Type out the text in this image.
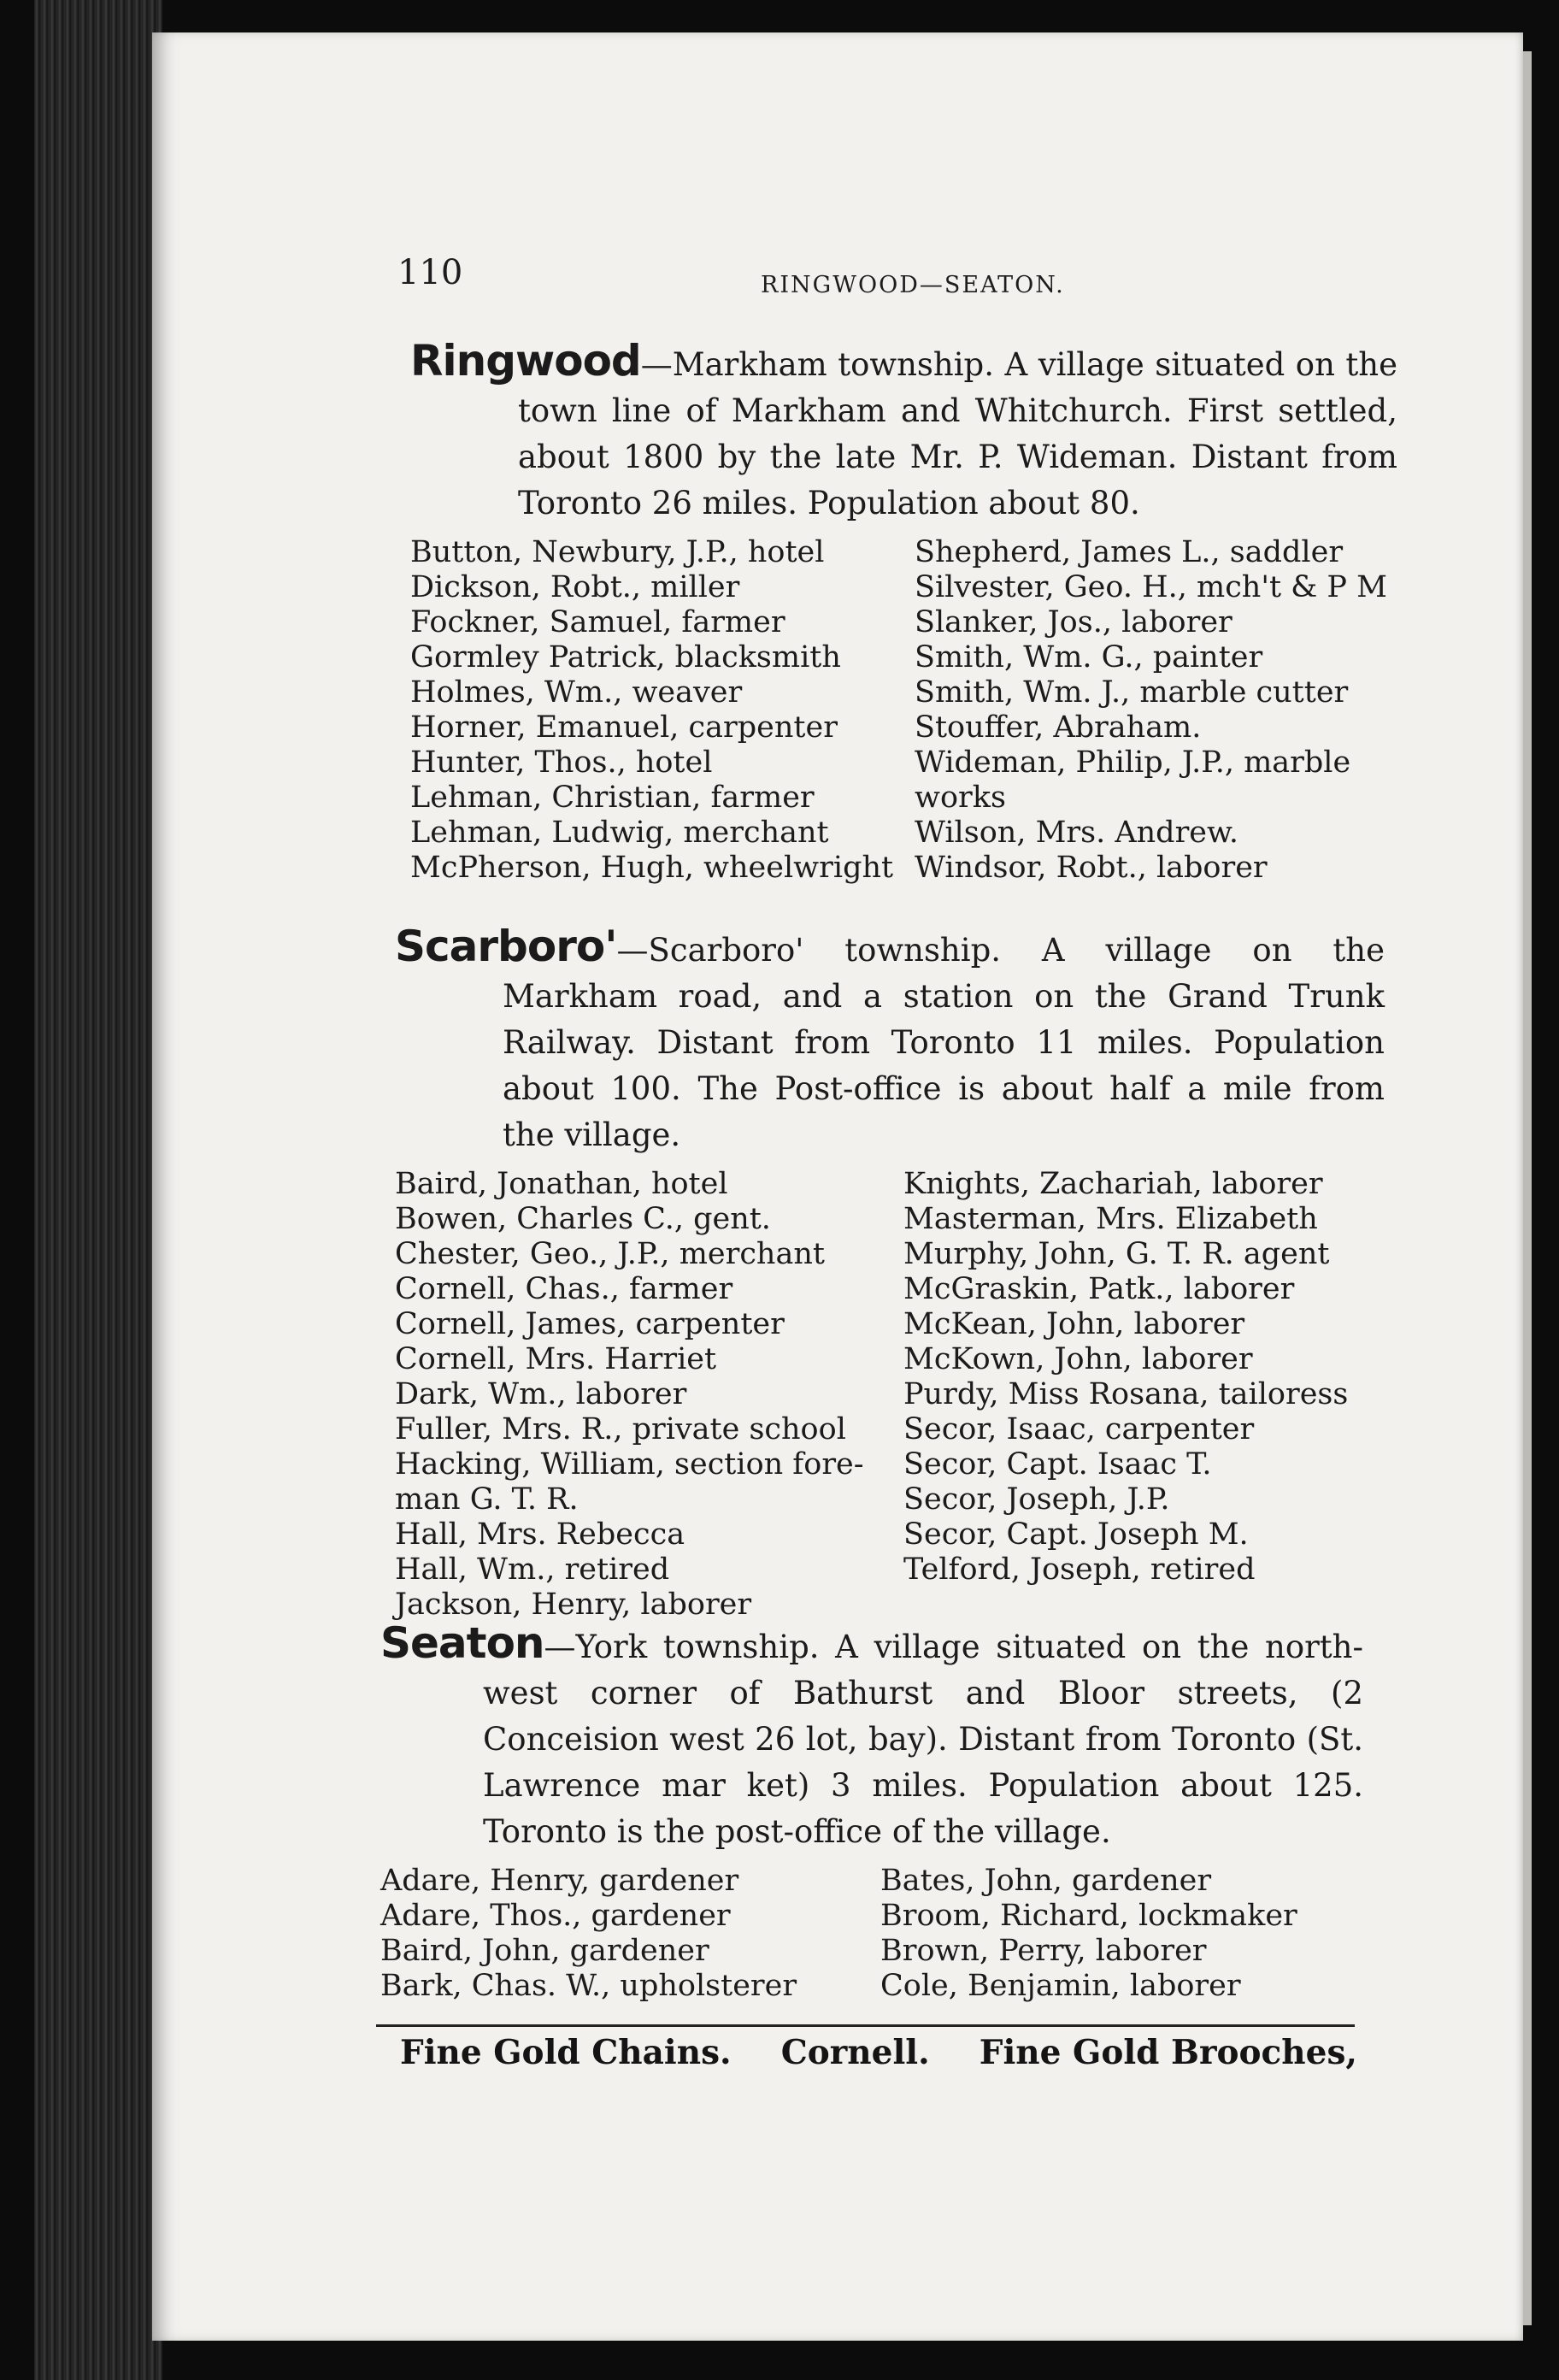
110	RINGWOOD—SEATON.
Ringwood—Markham township. A village situated on the town line of Markham and Whitchurch. First settled, about 1800 by the late Mr. P. Wideman. Distant from Toronto 26 miles. Population about 80.
Button, Newbury, J.P., hotel
Dickson, Robt., miller
Fockner, Samuel, farmer
Gormley Patrick, blacksmith
Holmes, Wm., weaver
Horner, Emanuel, carpenter
Hunter, Thos., hotel
Lehman, Christian, farmer
Lehman, Ludwig, merchant
McPherson, Hugh, wheelwright
Shepherd, James L., saddler
Silvester, Geo. H., mch't & P M
Slanker, Jos., laborer
Smith, Wm. G., painter
Smith, Wm. J., marble cutter
Stouffer, Abraham.
Wideman, Philip, J.P., marble
works
Wilson, Mrs. Andrew.
Windsor, Robt., laborer
Scarboro'—Scarboro' township. A village on the Markham road, and a station on the Grand Trunk Railway. Distant from Toronto 11 miles. Population about 100. The Post-office is about half a mile from the village.
Baird, Jonathan, hotel
Bowen, Charles C., gent.
Chester, Geo., J.P., merchant
Cornell, Chas., farmer
Cornell, James, carpenter
Cornell, Mrs. Harriet
Dark, Wm., laborer
Fuller, Mrs. R., private school
Hacking, William, section fore-
man G. T. R.
Hall, Mrs. Rebecca
Hall, Wm., retired
Jackson, Henry, laborer
Knights, Zachariah, laborer
Masterman, Mrs. Elizabeth
Murphy, John, G. T. R. agent
McGraskin, Patk., laborer
McKean, John, laborer
McKown, John, laborer
Purdy, Miss Rosana, tailoress
Secor, Isaac, carpenter
Secor, Capt. Isaac T.
Secor, Joseph, J.P.
Secor, Capt. Joseph M.
Telford, Joseph, retired
Seaton—York township. A village situated on the north-west corner of Bathurst and Bloor streets, (2 Conceision west 26 lot, bay). Distant from Toronto (St. Lawrence mar ket) 3 miles. Population about 125. Toronto is the post-office of the village.
Adare, Henry, gardener
Adare, Thos., gardener
Baird, John, gardener
Bark, Chas. W., upholsterer
Bates, John, gardener
Broom, Richard, lockmaker
Brown, Perry, laborer
Cole, Benjamin, laborer
Fine Gold Chains. Cornell. Fine Gold Brooches,
